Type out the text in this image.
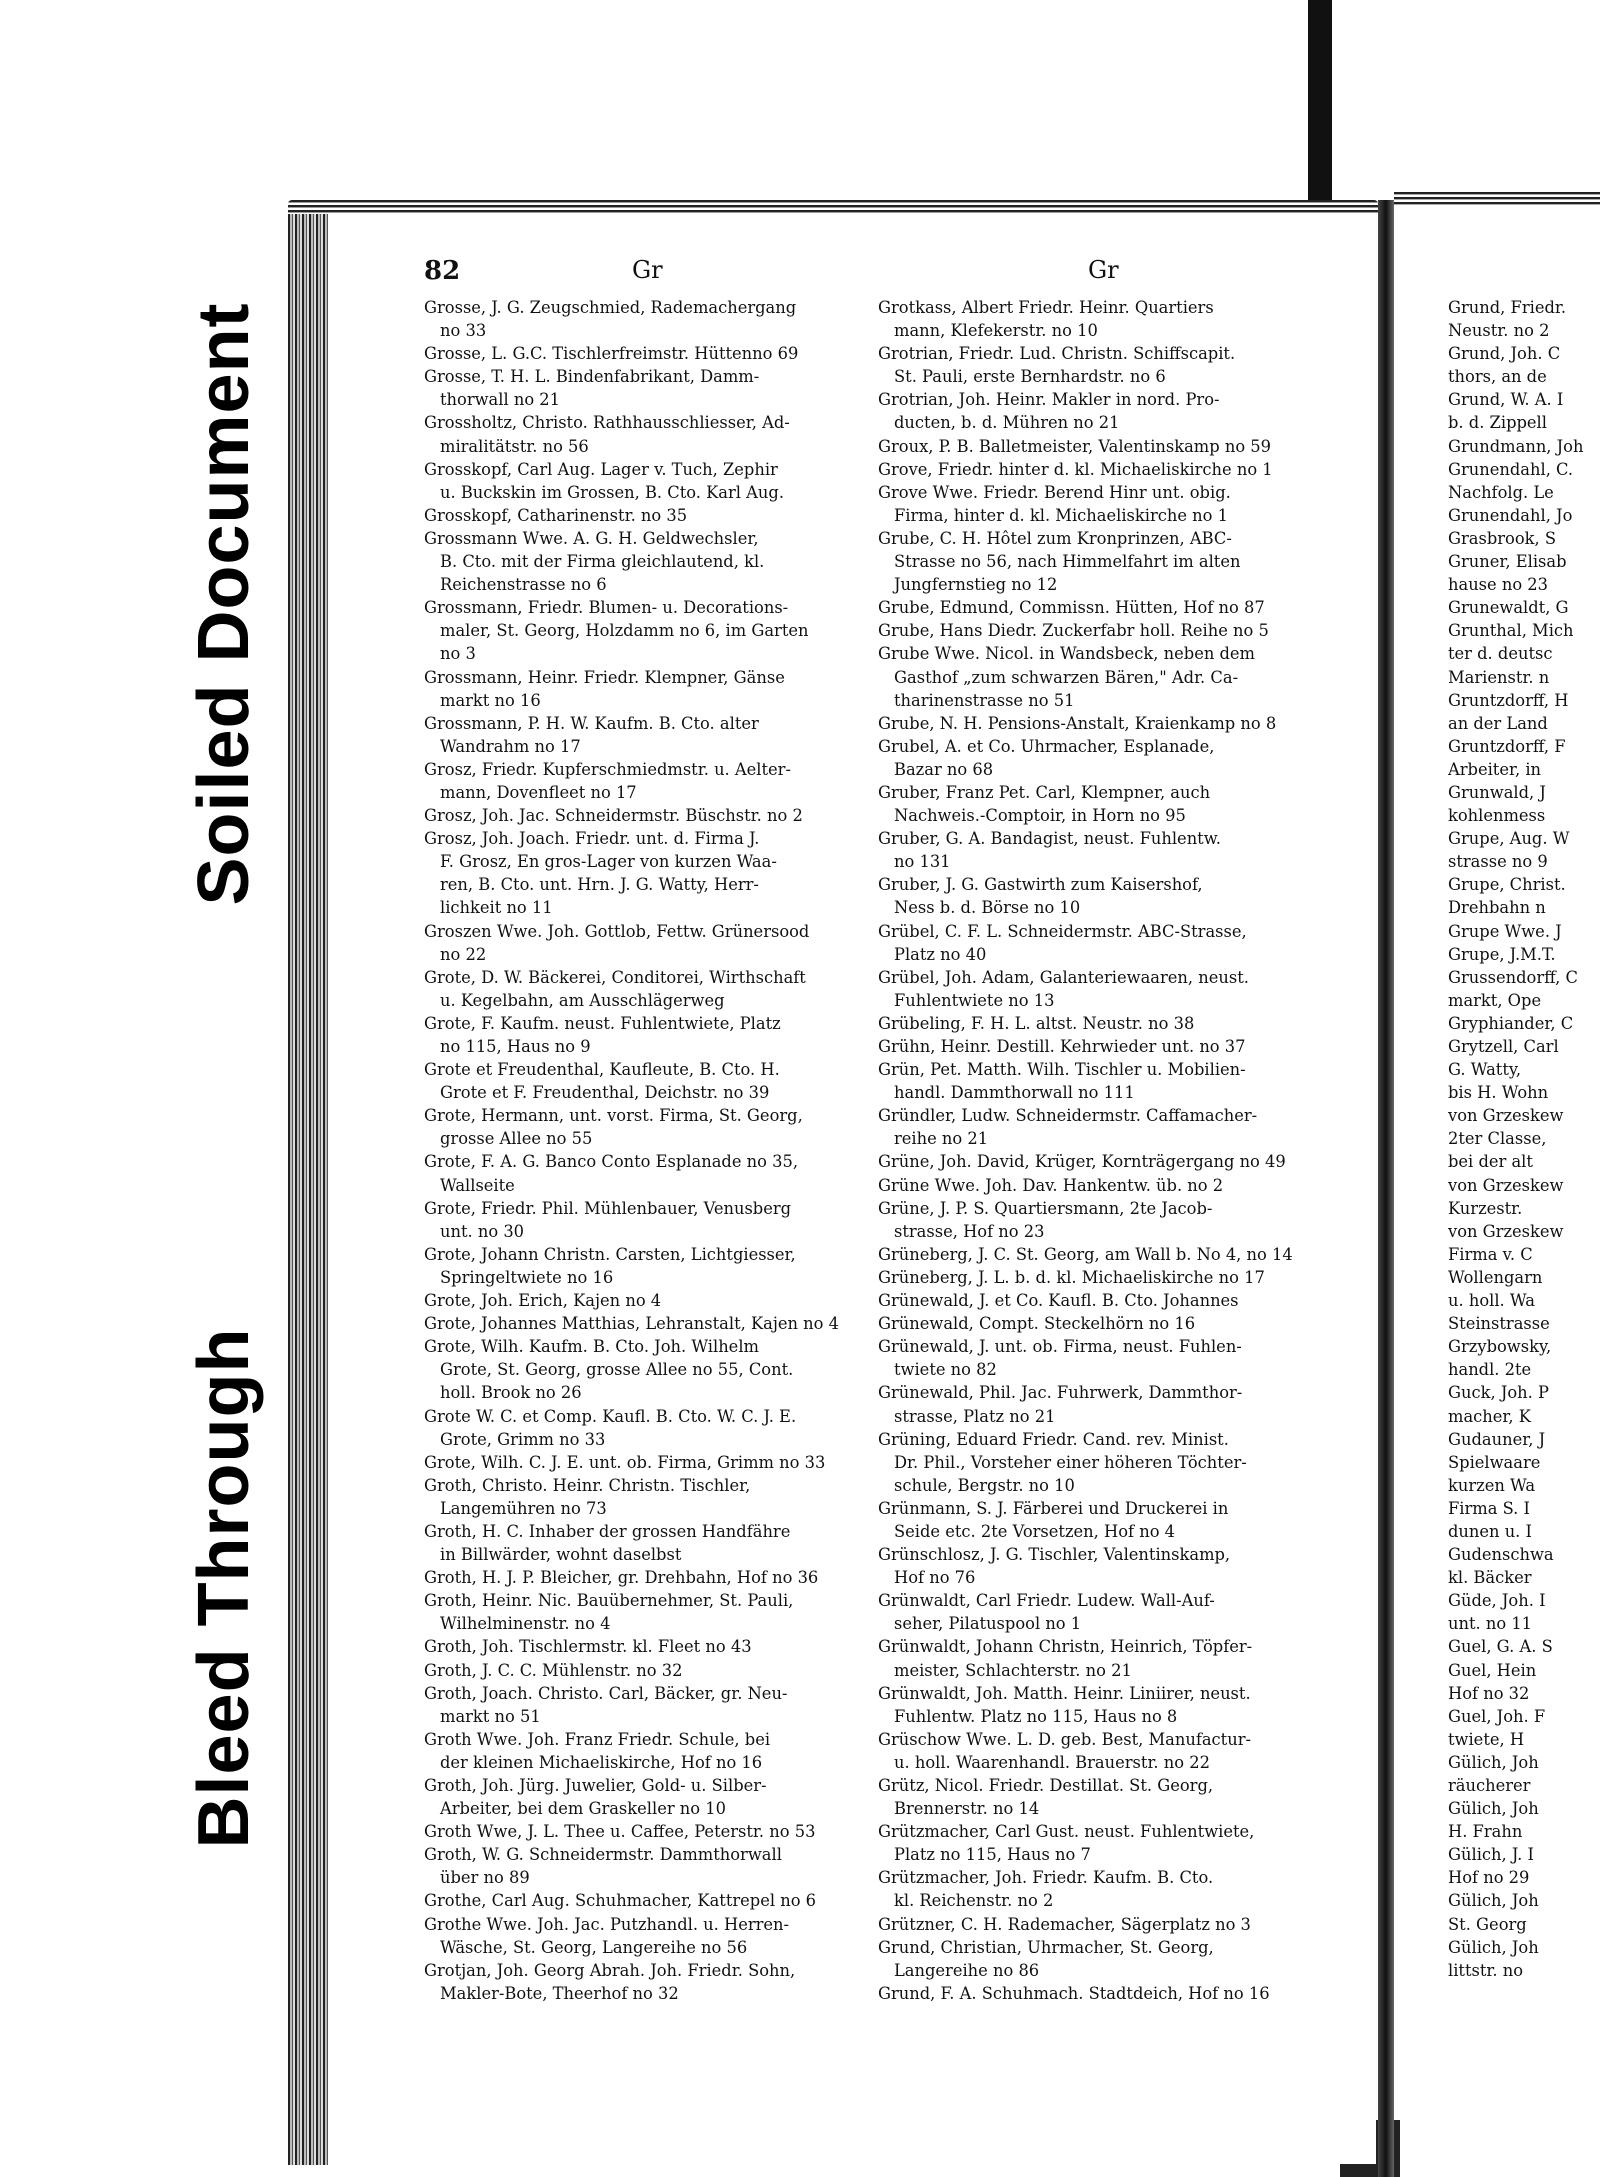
Soiled Document
Bleed Through
82	Gr	Gr
Grosse, J. G. Zeugschmied, Rademachergang
no 33
Grosse, L. G.C. Tischlerfreimstr. Hüttenno 69
Grosse, T. H. L. Bindenfabrikant, Damm-
thorwall no 21
Grossholtz, Christo. Rathhausschliesser, Ad-
miralitätstr. no 56
Grosskopf, Carl Aug. Lager v. Tuch, Zephir
u. Buckskin im Grossen, B. Cto. Karl Aug.
Grosskopf, Catharinenstr. no 35
Grossmann Wwe. A. G. H. Geldwechsler,
B. Cto. mit der Firma gleichlautend, kl.
Reichenstrasse no 6
Grossmann, Friedr. Blumen- u. Decorations-
maler, St. Georg, Holzdamm no 6, im Garten
no 3
Grossmann, Heinr. Friedr. Klempner, Gänse
markt no 16
Grossmann, P. H. W. Kaufm. B. Cto. alter
Wandrahm no 17
Grosz, Friedr. Kupferschmiedmstr. u. Aelter-
mann, Dovenfleet no 17
Grosz, Joh. Jac. Schneidermstr. Büschstr. no 2
Grosz, Joh. Joach. Friedr. unt. d. Firma J.
F. Grosz, En gros-Lager von kurzen Waa-
ren, B. Cto. unt. Hrn. J. G. Watty, Herr-
lichkeit no 11
Groszen Wwe. Joh. Gottlob, Fettw. Grünersood
no 22
Grote, D. W. Bäckerei, Conditorei, Wirthschaft
u. Kegelbahn, am Ausschlägerweg
Grote, F. Kaufm. neust. Fuhlentwiete, Platz
no 115, Haus no 9
Grote et Freudenthal, Kaufleute, B. Cto. H.
Grote et F. Freudenthal, Deichstr. no 39
Grote, Hermann, unt. vorst. Firma, St. Georg,
grosse Allee no 55
Grote, F. A. G. Banco Conto Esplanade no 35,
Wallseite
Grote, Friedr. Phil. Mühlenbauer, Venusberg
unt. no 30
Grote, Johann Christn. Carsten, Lichtgiesser,
Springeltwiete no 16
Grote, Joh. Erich, Kajen no 4
Grote, Johannes Matthias, Lehranstalt, Kajen no 4
Grote, Wilh. Kaufm. B. Cto. Joh. Wilhelm
Grote, St. Georg, grosse Allee no 55, Cont.
holl. Brook no 26
Grote W. C. et Comp. Kaufl. B. Cto. W. C. J. E.
Grote, Grimm no 33
Grote, Wilh. C. J. E. unt. ob. Firma, Grimm no 33
Groth, Christo. Heinr. Christn. Tischler,
Langemühren no 73
Groth, H. C. Inhaber der grossen Handfähre
in Billwärder, wohnt daselbst
Groth, H. J. P. Bleicher, gr. Drehbahn, Hof no 36
Groth, Heinr. Nic. Bauübernehmer, St. Pauli,
Wilhelminenstr. no 4
Groth, Joh. Tischlermstr. kl. Fleet no 43
Groth, J. C. C. Mühlenstr. no 32
Groth, Joach. Christo. Carl, Bäcker, gr. Neu-
markt no 51
Groth Wwe. Joh. Franz Friedr. Schule, bei
der kleinen Michaeliskirche, Hof no 16
Groth, Joh. Jürg. Juwelier, Gold- u. Silber-
Arbeiter, bei dem Graskeller no 10
Groth Wwe, J. L. Thee u. Caffee, Peterstr. no 53
Groth, W. G. Schneidermstr. Dammthorwall
über no 89
Grothe, Carl Aug. Schuhmacher, Kattrepel no 6
Grothe Wwe. Joh. Jac. Putzhandl. u. Herren-
Wäsche, St. Georg, Langereihe no 56
Grotjan, Joh. Georg Abrah. Joh. Friedr. Sohn,
Makler-Bote, Theerhof no 32
Grotkass, Albert Friedr. Heinr. Quartiers
mann, Klefekerstr. no 10
Grotrian, Friedr. Lud. Christn. Schiffscapit.
St. Pauli, erste Bernhardstr. no 6
Grotrian, Joh. Heinr. Makler in nord. Pro-
ducten, b. d. Mühren no 21
Groux, P. B. Balletmeister, Valentinskamp no 59
Grove, Friedr. hinter d. kl. Michaeliskirche no 1
Grove Wwe. Friedr. Berend Hinr unt. obig.
Firma, hinter d. kl. Michaeliskirche no 1
Grube, C. H. Hôtel zum Kronprinzen, ABC-
Strasse no 56, nach Himmelfahrt im alten
Jungfernstieg no 12
Grube, Edmund, Commissn. Hütten, Hof no 87
Grube, Hans Diedr. Zuckerfabr holl. Reihe no 5
Grube Wwe. Nicol. in Wandsbeck, neben dem
Gasthof „zum schwarzen Bären," Adr. Ca-
tharinenstrasse no 51
Grube, N. H. Pensions-Anstalt, Kraienkamp no 8
Grubel, A. et Co. Uhrmacher, Esplanade,
Bazar no 68
Gruber, Franz Pet. Carl, Klempner, auch
Nachweis.-Comptoir, in Horn no 95
Gruber, G. A. Bandagist, neust. Fuhlentw.
no 131
Gruber, J. G. Gastwirth zum Kaisershof,
Ness b. d. Börse no 10
Grübel, C. F. L. Schneidermstr. ABC-Strasse,
Platz no 40
Grübel, Joh. Adam, Galanteriewaaren, neust.
Fuhlentwiete no 13
Grübeling, F. H. L. altst. Neustr. no 38
Grühn, Heinr. Destill. Kehrwieder unt. no 37
Grün, Pet. Matth. Wilh. Tischler u. Mobilien-
handl. Dammthorwall no 111
Gründler, Ludw. Schneidermstr. Caffamacher-
reihe no 21
Grüne, Joh. David, Krüger, Kornträgergang no 49
Grüne Wwe. Joh. Dav. Hankentw. üb. no 2
Grüne, J. P. S. Quartiersmann, 2te Jacob-
strasse, Hof no 23
Grüneberg, J. C. St. Georg, am Wall b. No 4, no 14
Grüneberg, J. L. b. d. kl. Michaeliskirche no 17
Grünewald, J. et Co. Kaufl. B. Cto. Johannes
Grünewald, Compt. Steckelhörn no 16
Grünewald, J. unt. ob. Firma, neust. Fuhlen-
twiete no 82
Grünewald, Phil. Jac. Fuhrwerk, Dammthor-
strasse, Platz no 21
Grüning, Eduard Friedr. Cand. rev. Minist.
Dr. Phil., Vorsteher einer höheren Töchter-
schule, Bergstr. no 10
Grünmann, S. J. Färberei und Druckerei in
Seide etc. 2te Vorsetzen, Hof no 4
Grünschlosz, J. G. Tischler, Valentinskamp,
Hof no 76
Grünwaldt, Carl Friedr. Ludew. Wall-Auf-
seher, Pilatuspool no 1
Grünwaldt, Johann Christn, Heinrich, Töpfer-
meister, Schlachterstr. no 21
Grünwaldt, Joh. Matth. Heinr. Liniirer, neust.
Fuhlentw. Platz no 115, Haus no 8
Grüschow Wwe. L. D. geb. Best, Manufactur-
u. holl. Waarenhandl. Brauerstr. no 22
Grütz, Nicol. Friedr. Destillat. St. Georg,
Brennerstr. no 14
Grützmacher, Carl Gust. neust. Fuhlentwiete,
Platz no 115, Haus no 7
Grützmacher, Joh. Friedr. Kaufm. B. Cto.
kl. Reichenstr. no 2
Grützner, C. H. Rademacher, Sägerplatz no 3
Grund, Christian, Uhrmacher, St. Georg,
Langereihe no 86
Grund, F. A. Schuhmach. Stadtdeich, Hof no 16
Grund, Friedr.
Neustr. no 2
Grund, Joh. C
thors, an de
Grund, W. A. I
b. d. Zippell
Grundmann, Joh
Grunendahl, C.
Nachfolg. Le
Grunendahl, Jo
Grasbrook, S
Gruner, Elisab
hause no 23
Grunewaldt, G
Grunthal, Mich
ter d. deutsc
Marienstr. n
Gruntzdorff, H
an der Land
Gruntzdorff, F
Arbeiter, in
Grunwald, J
kohlenmess
Grupe, Aug. W
strasse no 9
Grupe, Christ.
Drehbahn n
Grupe Wwe. J
Grupe, J.M.T.
Grussendorff, C
markt, Ope
Gryphiander, C
Grytzell, Carl
G. Watty,
bis H. Wohn
von Grzeskew
2ter Classe,
bei der alt
von Grzeskew
Kurzestr.
von Grzeskew
Firma v. C
Wollengarn
u. holl. Wa
Steinstrasse
Grzybowsky,
handl. 2te
Guck, Joh. P
macher, K
Gudauner, J
Spielwaare
kurzen Wa
Firma S. I
dunen u. I
Gudenschwa
kl. Bäcker
Güde, Joh. I
unt. no 11
Guel, G. A. S
Guel, Hein
Hof no 32
Guel, Joh. F
twiete, H
Gülich, Joh
räucherer
Gülich, Joh
H. Frahn
Gülich, J. I
Hof no 29
Gülich, Joh
St. Georg
Gülich, Joh
littstr. no
